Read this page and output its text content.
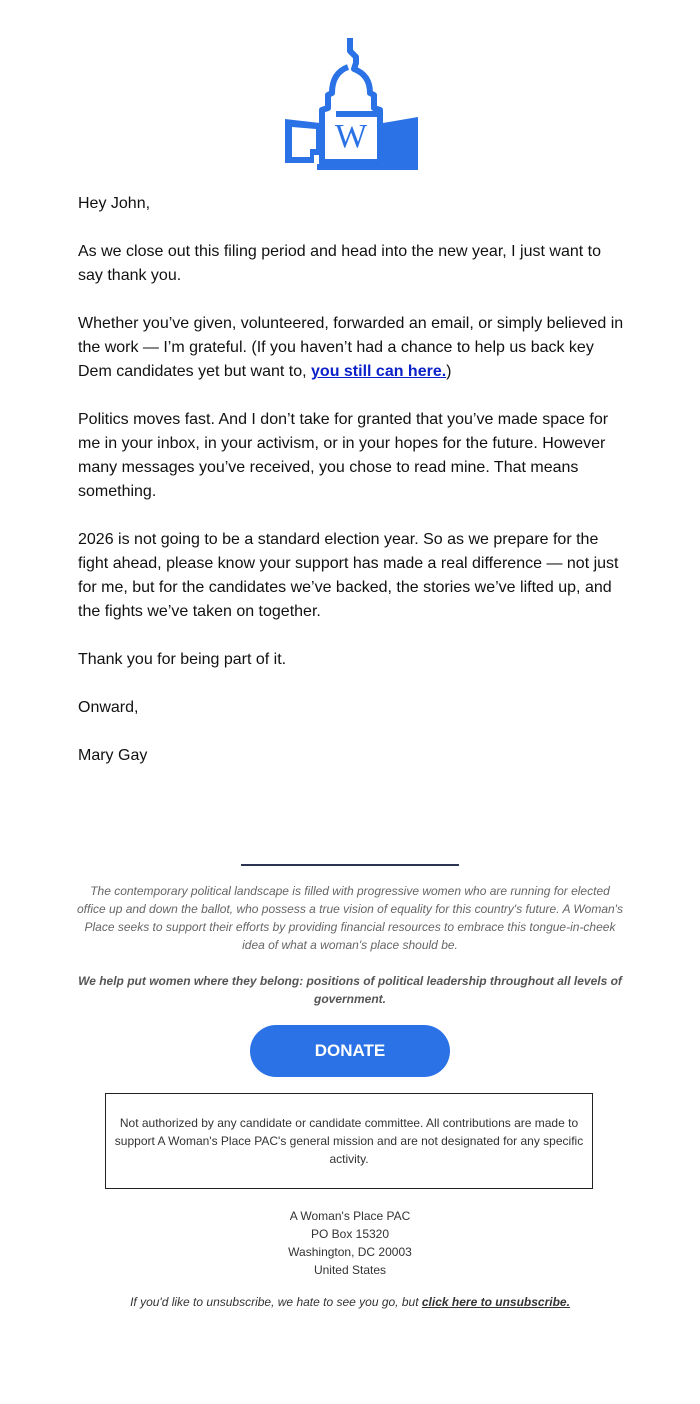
W

Hey John,

As we close out this filing period and head into the new year, I just want to say thank you.

Whether you’ve given, volunteered, forwarded an email, or simply believed in the work — I’m grateful. (If you haven’t had a chance to help us back key Dem candidates yet but want to, you still can here.)

Politics moves fast. And I don’t take for granted that you’ve made space for me in your inbox, in your activism, or in your hopes for the future. However many messages you’ve received, you chose to read mine. That means something.

2026 is not going to be a standard election year. So as we prepare for the fight ahead, please know your support has made a real difference — not just for me, but for the candidates we’ve backed, the stories we’ve lifted up, and the fights we’ve taken on together.

Thank you for being part of it.

Onward,

Mary Gay

The contemporary political landscape is filled with progressive women who are running for elected office up and down the ballot, who possess a true vision of equality for this country's future. A Woman's Place seeks to support their efforts by providing financial resources to embrace this tongue-in-cheek idea of what a woman's place should be.

We help put women where they belong: positions of political leadership throughout all levels of government.

DONATE
Not authorized by any candidate or candidate committee. All contributions are made to support A Woman's Place PAC's general mission and are not designated for any specific activity.
A Woman's Place PAC
PO Box 15320
Washington, DC 20003
United States
If you'd like to unsubscribe, we hate to see you go, but click here to unsubscribe.
